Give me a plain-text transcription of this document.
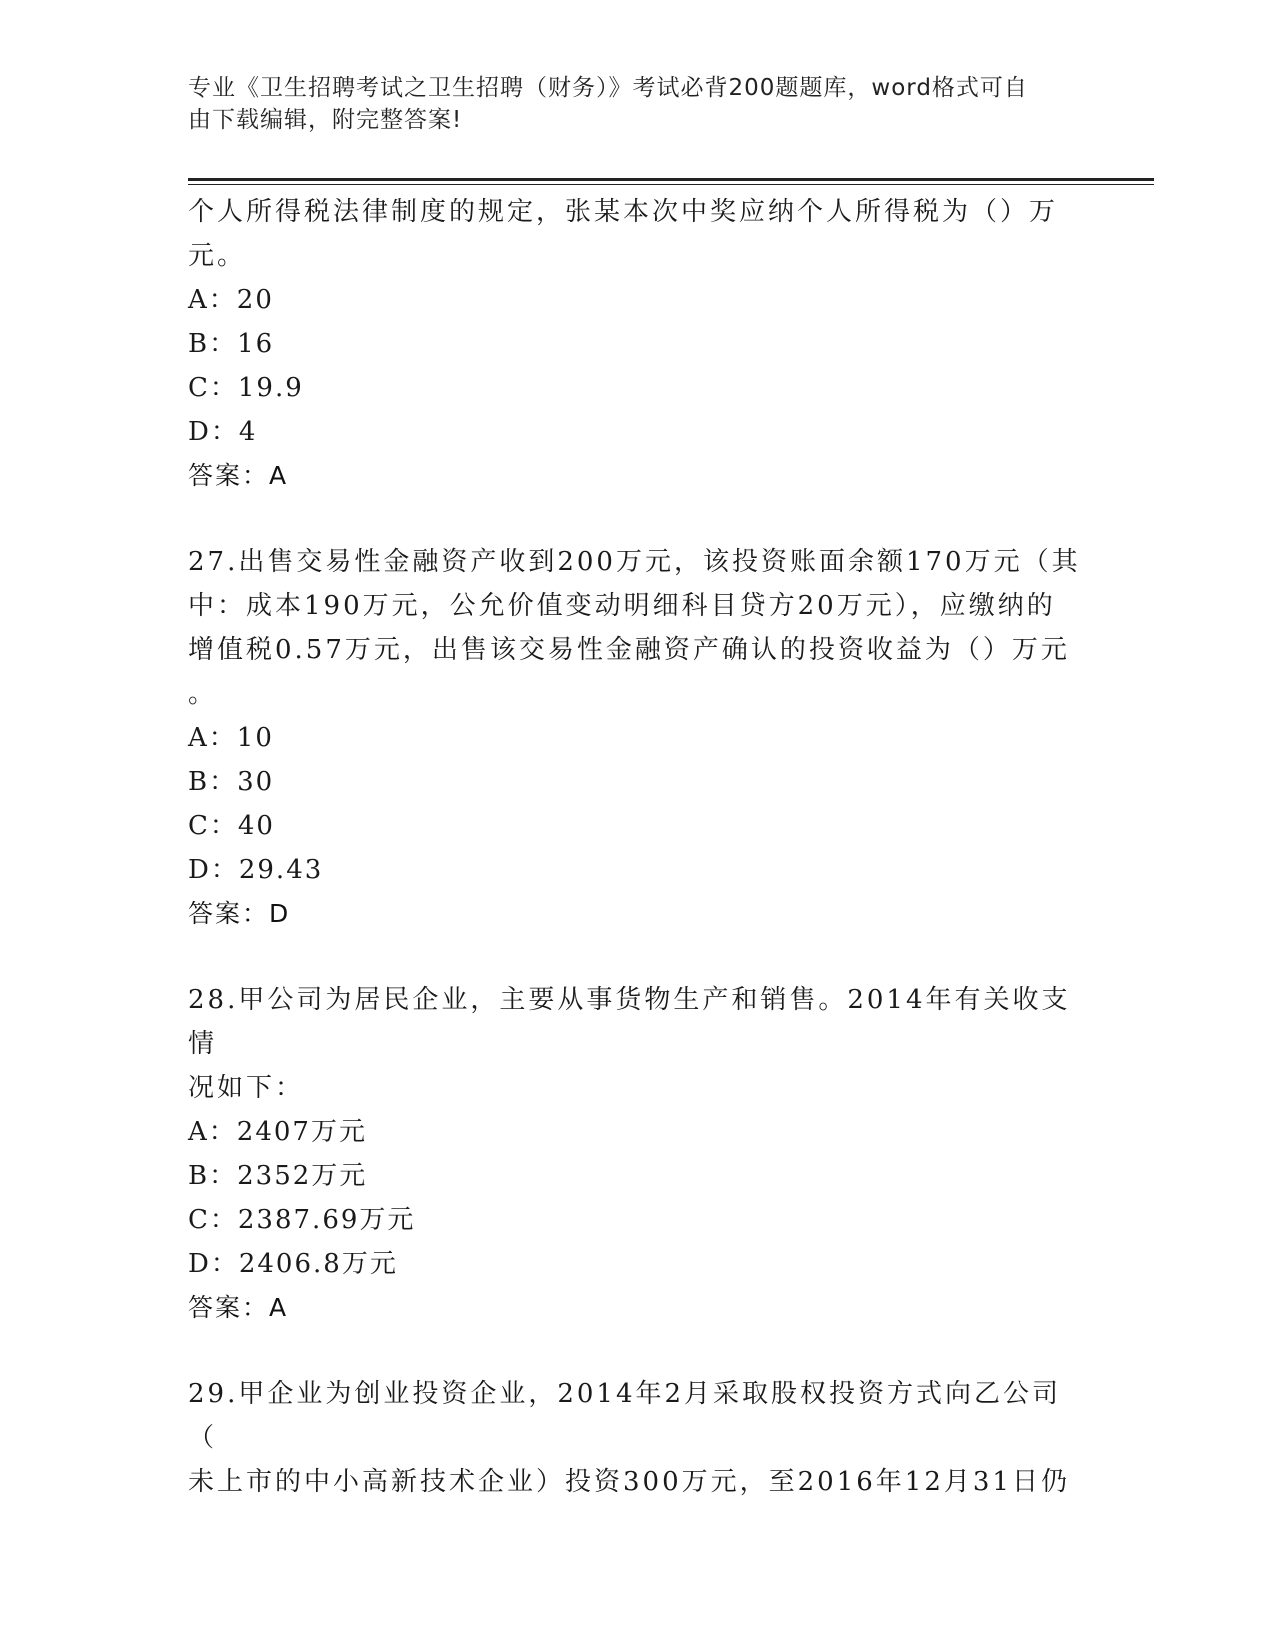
专业《卫生招聘考试之卫生招聘（财务）》考试必背200题题库，word格式可自
由下载编辑，附完整答案!

个人所得税法律制度的规定，张某本次中奖应纳个人所得税为（）万

元。

A：20

B：16

C：19.9

D：4

答案：A

27.出售交易性金融资产收到200万元，该投资账面余额170万元（其

中：成本190万元，公允价值变动明细科目贷方20万元），应缴纳的

增值税0.57万元，出售该交易性金融资产确认的投资收益为（）万元

。

A：10

B：30

C：40

D：29.43

答案：D

28.甲公司为居民企业，主要从事货物生产和销售。2014年有关收支情

况如下：

A：2407万元

B：2352万元

C：2387.69万元

D：2406.8万元

答案：A

29.甲企业为创业投资企业，2014年2月采取股权投资方式向乙公司（

未上市的中小高新技术企业）投资300万元，至2016年12月31日仍
